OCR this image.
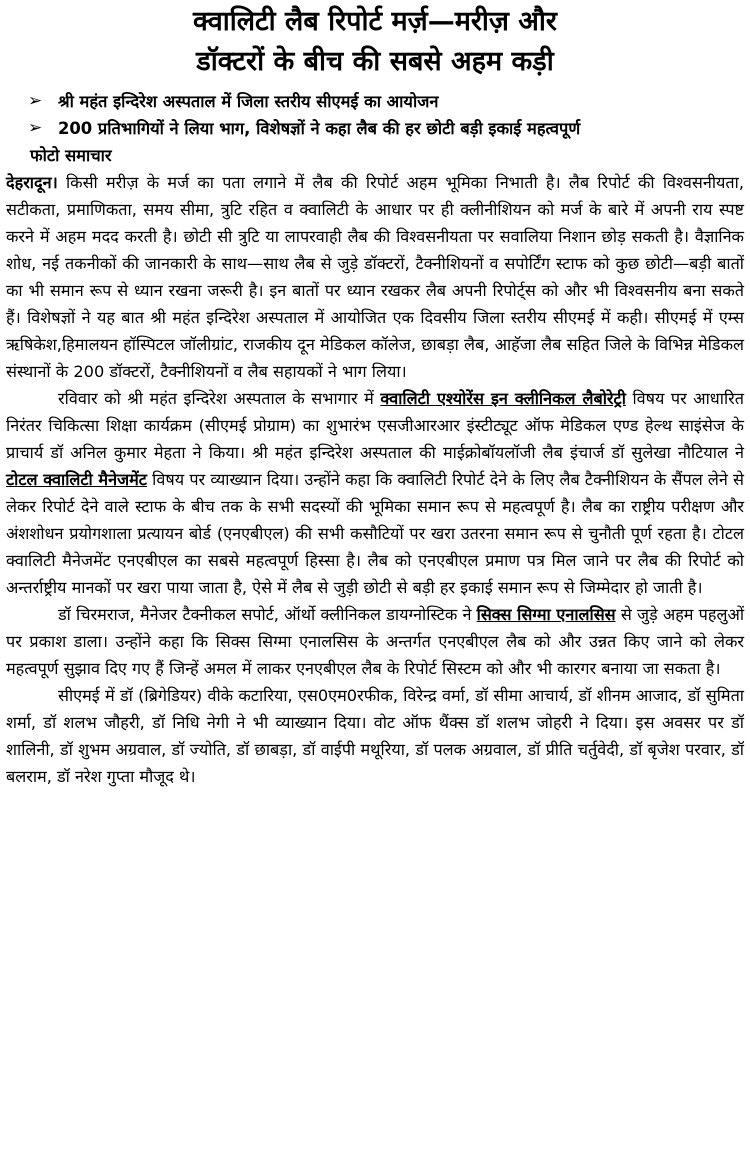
क्वालिटी लैब रिपोर्ट मर्ज़—मरीज़ और
डॉक्टरों के बीच की सबसे अहम कड़ी
➢ श्री महंत इन्दिरेश अस्पताल में जिला स्तरीय सीएमई का आयोजन
➢ 200 प्रतिभागियों ने लिया भाग, विशेषज्ञों ने कहा लैब की हर छोटी बड़ी इकाई महत्वपूर्ण
फोटो समाचार

देहरादून। किसी मरीज़ के मर्ज का पता लगाने में लैब की रिपोर्ट अहम भूमिका निभाती है। लैब रिपोर्ट की विश्वसनीयता, सटीकता, प्रमाणिकता, समय सीमा, त्रुटि रहित व क्वालिटी के आधार पर ही क्लीनीशियन को मर्ज के बारे में अपनी राय स्पष्ट करने में अहम मदद करती है। छोटी सी त्रुटि या लापरवाही लैब की विश्वसनीयता पर सवालिया निशान छोड़ सकती है। वैज्ञानिक शोध, नई तकनीकों की जानकारी के साथ—साथ लैब से जुड़े डॉक्टरों, टैक्नीशियनों व सपोर्टिंग स्टाफ को कुछ छोटी—बड़ी बातों का भी समान रूप से ध्यान रखना जरूरी है। इन बातों पर ध्यान रखकर लैब अपनी रिपोर्ट्स को और भी विश्वसनीय बना सकते हैं। विशेषज्ञों ने यह बात श्री महंत इन्दिरेश अस्पताल में आयोजित एक दिवसीय जिला स्तरीय सीएमई में कही। सीएमई में एम्स ऋषिकेश,हिमालयन हॉस्पिटल जॉलीग्रांट, राजकीय दून मेडिकल कॉलेज, छाबड़ा लैब, आहॅजा लैब सहित जिले के विभिन्न मेडिकल संस्थानों के 200 डॉक्टरों, टैक्नीशियनों व लैब सहायकों ने भाग लिया।

रविवार को श्री महंत इन्दिरेश अस्पताल के सभागार में क्वालिटी एश्योरेंस इन क्लीनिकल लैबोरेट्री विषय पर आधारित निरंतर चिकित्सा शिक्षा कार्यक्रम (सीएमई प्रोग्राम) का शुभारंभ एसजीआरआर इंस्टीट्यूट ऑफ मेडिकल एण्ड हेल्थ साइंसेज के प्राचार्य डॉ अनिल कुमार मेहता ने किया। श्री महंत इन्दिरेश अस्पताल की माईक्रोबॉयलॉजी लैब इंचार्ज डॉ सुलेखा नौटियाल ने टोटल क्वालिटी मैनेजमेंट विषय पर व्याख्यान दिया। उन्होंने कहा कि क्वालिटी रिपोर्ट देने के लिए लैब टैक्नीशियन के सैंपल लेने से लेकर रिपोर्ट देने वाले स्टाफ के बीच तक के सभी सदस्यों की भूमिका समान रूप से महत्वपूर्ण है। लैब का राष्ट्रीय परीक्षण और अंशशोधन प्रयोगशाला प्रत्यायन बोर्ड (एनएबीएल) की सभी कसौटियों पर खरा उतरना समान रूप से चुनौती पूर्ण रहता है। टोटल क्वालिटी मैनेजमेंट एनएबीएल का सबसे महत्वपूर्ण हिस्सा है। लैब को एनएबीएल प्रमाण पत्र मिल जाने पर लैब की रिपोर्ट को अन्तर्राष्ट्रीय मानकों पर खरा पाया जाता है, ऐसे में लैब से जुड़ी छोटी से बड़ी हर इकाई समान रूप से जिम्मेदार हो जाती है।

डॉ चिरमराज, मैनेजर टैक्नीकल सपोर्ट, ऑर्थो क्लीनिकल डायग्नोस्टिक ने सिक्स सिग्मा एनालसिस से जुड़े अहम पहलुओं पर प्रकाश डाला। उन्होंने कहा कि सिक्स सिग्मा एनालसिस के अन्तर्गत एनएबीएल लैब को और उन्नत किए जाने को लेकर महत्वपूर्ण सुझाव दिए गए हैं जिन्हें अमल में लाकर एनएबीएल लैब के रिपोर्ट सिस्टम को और भी कारगर बनाया जा सकता है।

सीएमई में डॉ (ब्रिगेडियर) वीके कटारिया, एस0एम0रफीक, विरेन्द्र वर्मा, डॉ सीमा आचार्य, डॉ शीनम आजाद, डॉ सुमिता शर्मा, डॉ शलभ जौहरी, डॉ निधि नेगी ने भी व्याख्यान दिया। वोट ऑफ थैंक्स डॉ शलभ जोहरी ने दिया। इस अवसर पर डॉ शालिनी, डॉ शुभम अग्रवाल, डॉ ज्योति, डॉ छाबड़ा, डॉ वाईपी मथूरिया, डॉ पलक अग्रवाल, डॉ प्रीति चर्तुवेदी, डॉ बृजेश परवार, डॉ बलराम, डॉ नरेश गुप्ता मौजूद थे।
